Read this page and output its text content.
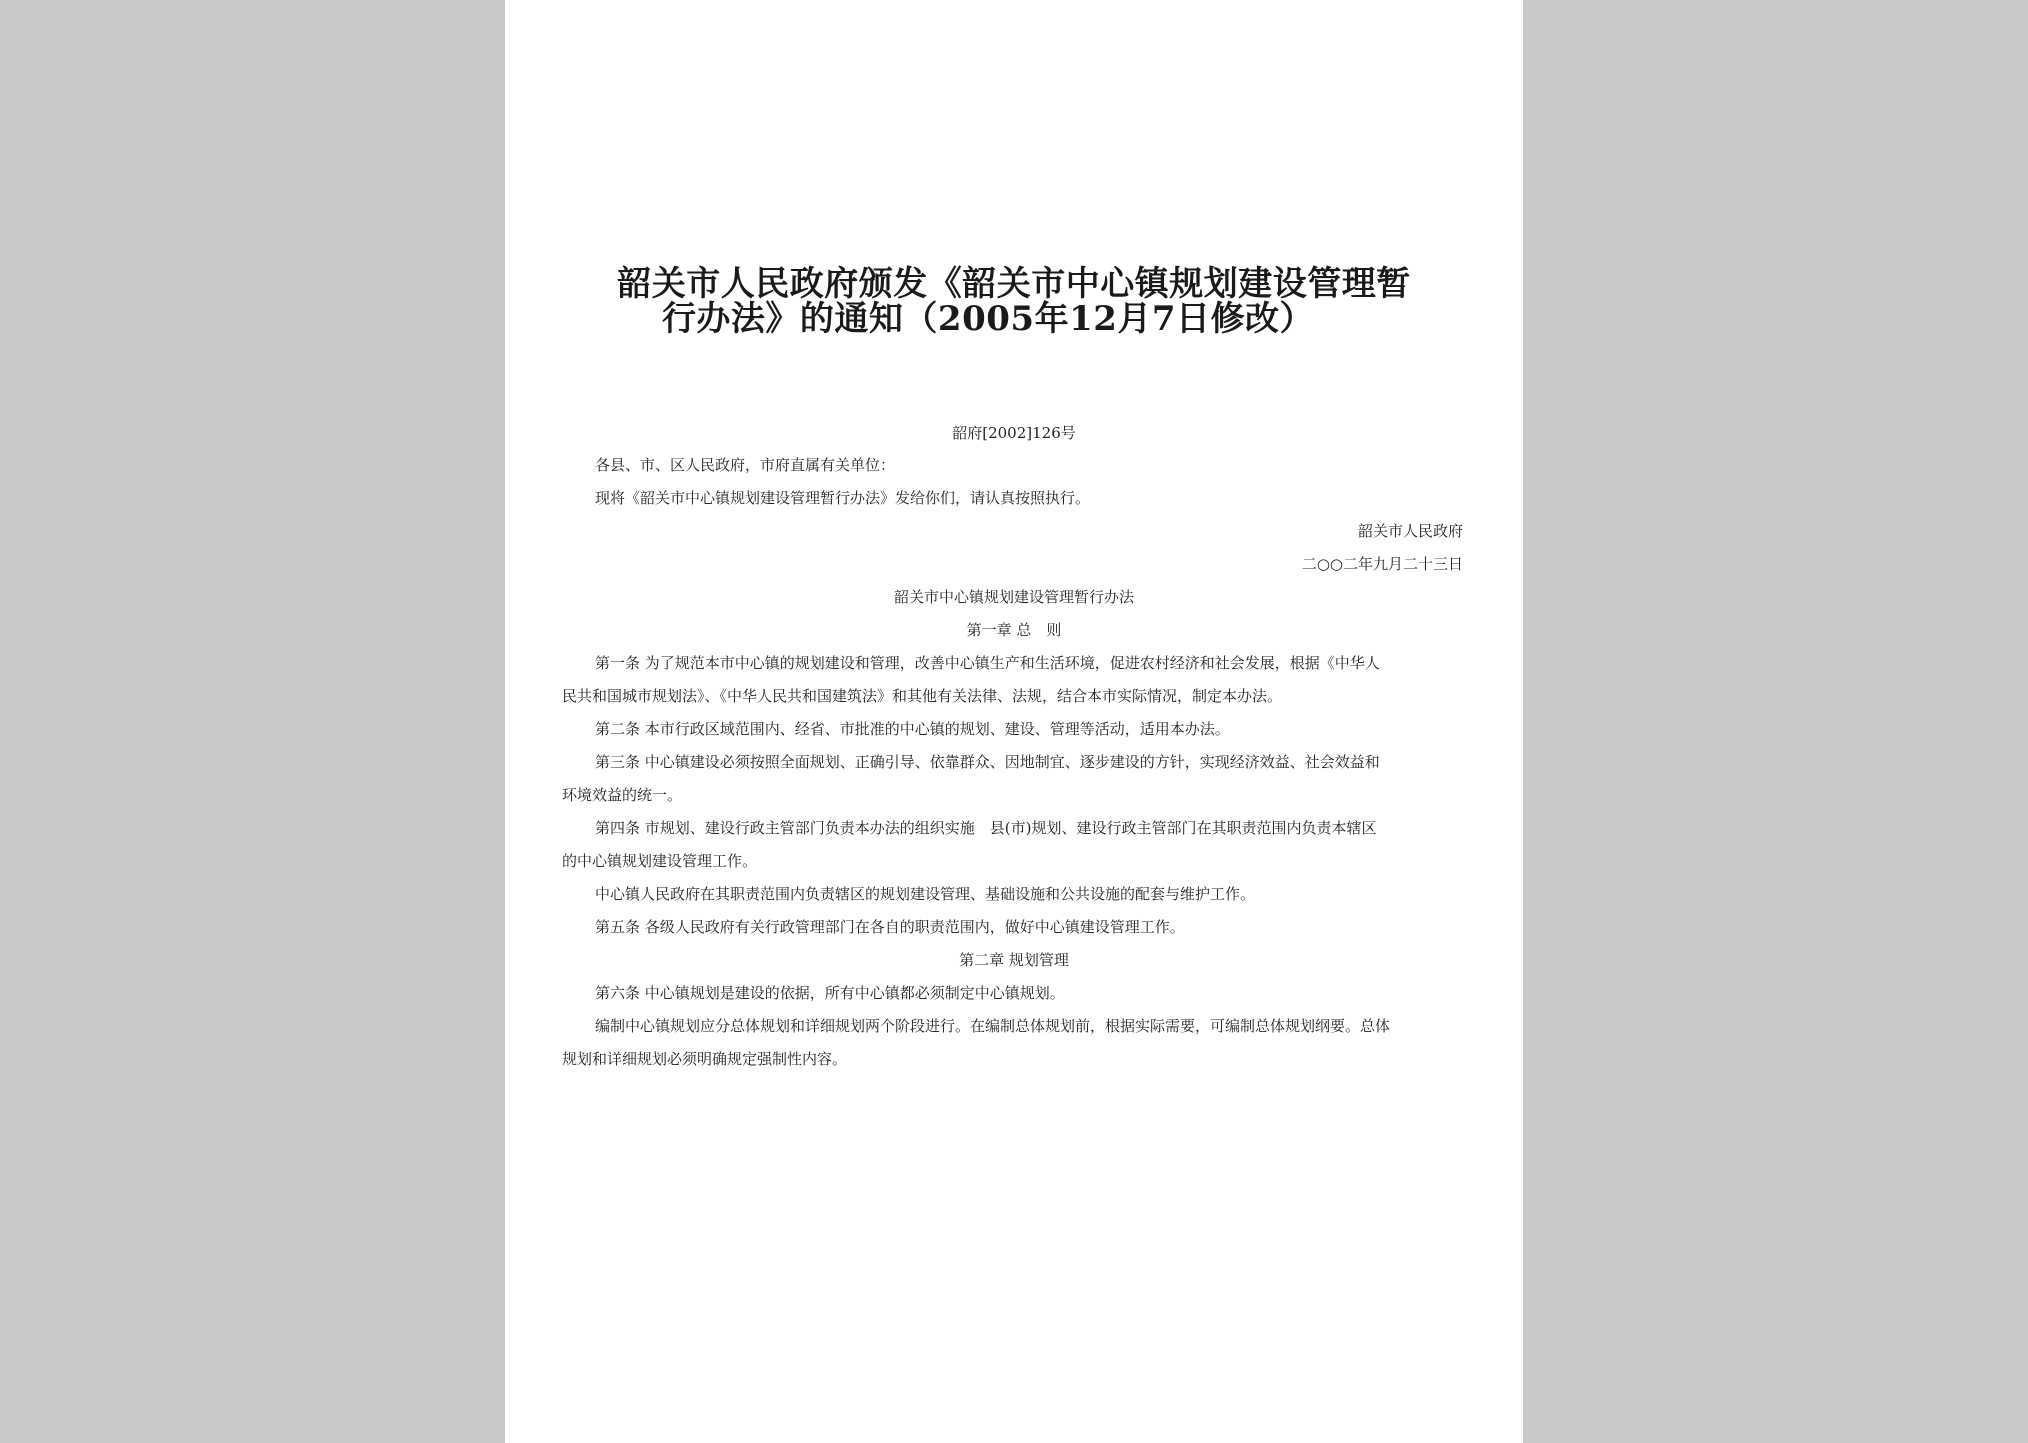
韶关市人民政府颁发《韶关市中心镇规划建设管理暂
行办法》的通知（2005年12月7日修改）
韶府[2002]126号
各县、市、区人民政府，市府直属有关单位：
现将《韶关市中心镇规划建设管理暂行办法》发给你们，请认真按照执行。
韶关市人民政府
二○○二年九月二十三日
韶关市中心镇规划建设管理暂行办法
第一章 总　则
第一条 为了规范本市中心镇的规划建设和管理，改善中心镇生产和生活环境，促进农村经济和社会发展，根据《中华人
民共和国城市规划法》、《中华人民共和国建筑法》和其他有关法律、法规，结合本市实际情况，制定本办法。
第二条 本市行政区域范围内、经省、市批准的中心镇的规划、建设、管理等活动，适用本办法。
第三条 中心镇建设必须按照全面规划、正确引导、依靠群众、因地制宜、逐步建设的方针，实现经济效益、社会效益和
环境效益的统一。
第四条 市规划、建设行政主管部门负责本办法的组织实施　县(市)规划、建设行政主管部门在其职责范围内负责本辖区
的中心镇规划建设管理工作。
中心镇人民政府在其职责范围内负责辖区的规划建设管理、基础设施和公共设施的配套与维护工作。
第五条 各级人民政府有关行政管理部门在各自的职责范围内，做好中心镇建设管理工作。
第二章 规划管理
第六条 中心镇规划是建设的依据，所有中心镇都必须制定中心镇规划。
编制中心镇规划应分总体规划和详细规划两个阶段进行。在编制总体规划前，根据实际需要，可编制总体规划纲要。总体
规划和详细规划必须明确规定强制性内容。
